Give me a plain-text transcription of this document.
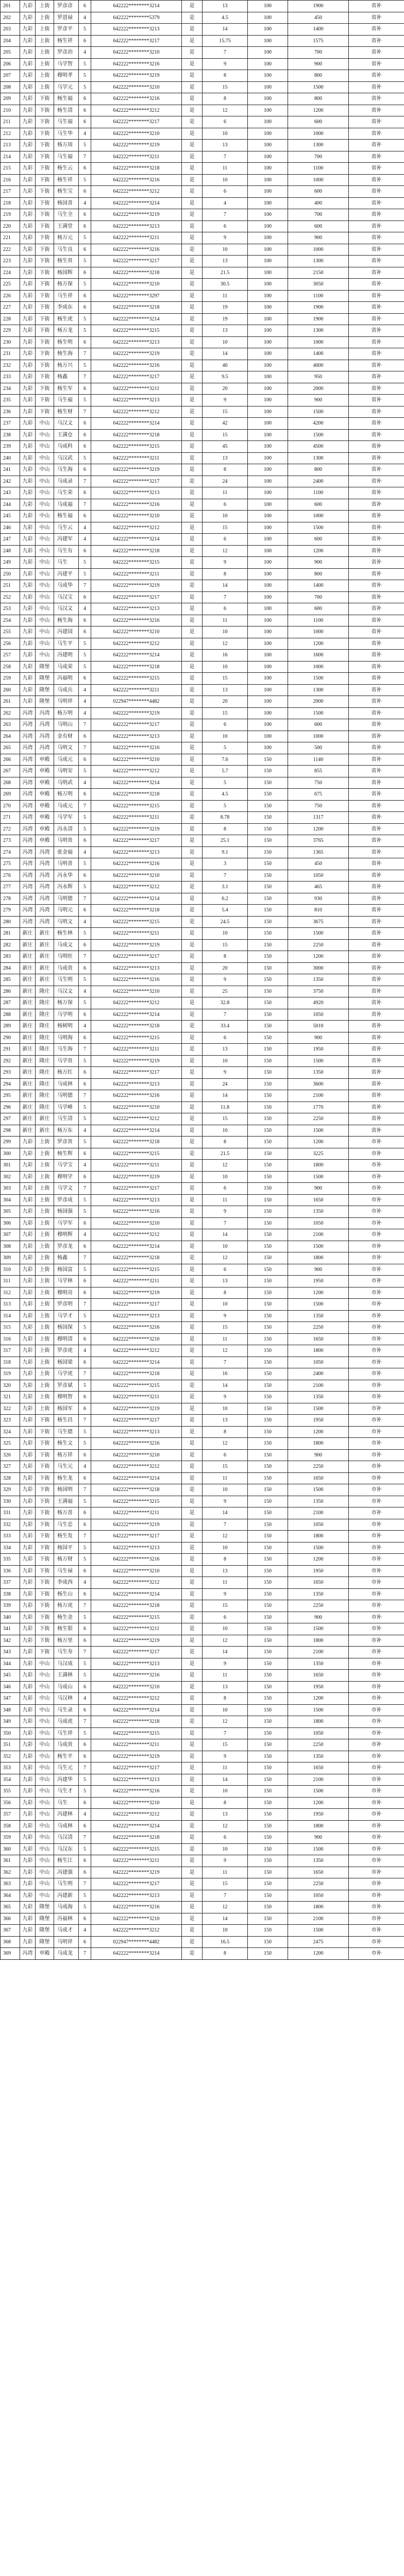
201	九彩	上街	罗彦彦	6	642222********3214	是	13	100	1900	省补
202	九彩	上街	罗进禄	4	642222********5379	是	4.5	100	450	省补
203	九彩	上街	罗彦平	5	642222********3213	是	14	100	1400	省补
204	九彩	上街	杨生祥	6	642222********3217	是	15.75	100	1575	省补
205	九彩	上街	罗彦治	4	642222********3210	是	7	100	700	省补
206	九彩	上街	马学智	5	642222********3216	是	9	100	900	省补
207	九彩	上街	穆明孝	5	642222********3219	是	8	100	800	省补
208	九彩	上街	马学元	5	642222********3210	是	15	100	1500	省补
209	九彩	下街	杨生福	6	642222********3216	是	8	100	800	省补
210	九彩	下街	杨生清	6	642222********3212	是	12	100	1200	省补
211	九彩	下街	马生福	6	642222********3217	是	6	100	600	省补
212	九彩	下街	马生华	4	642222********3210	是	10	100	1000	省补
213	九彩	下街	杨万周	5	642222********3219	是	13	100	1300	省补
214	九彩	下街	马生福	7	642222********3211	是	7	100	700	省补
215	九彩	下街	杨生云	6	642222********3218	是	11	100	1100	省补
216	九彩	下街	杨生祥	5	642222********3216	是	10	100	1000	省补
217	九彩	下街	杨生宝	6	642222********3212	是	6	100	600	省补
218	九彩	下街	杨国喜	4	642222********3214	是	4	100	400	省补
219	九彩	下街	马生全	6	642222********3219	是	7	100	700	省补
220	九彩	下街	王满堂	6	642222********3213	是	6	100	600	省补
221	九彩	下街	杨万元	5	642222********3211	是	9	100	900	省补
222	九彩	下街	马生良	6	642222********3216	是	10	100	1000	省补
223	九彩	下街	杨生贵	5	642222********3217	是	13	100	1300	省补
224	九彩	下街	杨国辉	6	642222********3218	是	21.5	100	2150	省补
225	九彩	下街	杨万保	5	642222********3210	是	30.5	100	3050	省补
226	九彩	下街	马生祥	6	642222********3297	是	11	100	1100	省补
227	九彩	下街	李成东	6	642222********3218	是	19	100	1900	省补
228	九彩	下街	杨生虎	5	642222********3214	是	19	100	1900	省补
229	九彩	下街	杨万龙	5	642222********3215	是	13	100	1300	省补
230	九彩	下街	杨生明	6	642222********3213	是	10	100	1000	省补
231	九彩	下街	杨生海	7	642222********3219	是	14	100	1400	省补
232	九彩	下街	杨万兴	5	642222********3216	是	40	100	4000	省补
233	九彩	下街	杨鑫	7	642222********3217	是	9.5	100	950	省补
234	九彩	下街	杨生军	6	642222********3211	是	20	100	2000	省补
235	九彩	下街	马生福	5	642222********3213	是	9	100	900	省补
236	九彩	下街	杨生财	7	642222********3212	是	15	100	1500	省补
237	九彩	中山	马汉文	6	642222********3214	是	42	100	4200	省补
238	九彩	中山	王满仓	6	642222********3218	是	15	100	1500	省补
239	九彩	中山	马成科	6	642222********3215	是	45	100	4500	省补
240	九彩	中山	马汉武	5	642222********3211	是	13	100	1300	省补
241	九彩	中山	马生海	6	642222********3219	是	8	100	800	省补
242	九彩	中山	马成录	7	642222********3217	是	24	100	2400	省补
243	九彩	中山	马生荣	6	642222********3213	是	11	100	1100	省补
244	九彩	中山	马成福	7	642222********3216	是	6	100	600	省补
245	九彩	中山	杨生福	6	642222********3210	是	10	100	1000	省补
246	九彩	中山	马生云	4	642222********3212	是	15	100	1500	省补
247	九彩	中山	冯建军	4	642222********3214	是	6	100	600	省补
248	九彩	中山	马生有	6	642222********3218	是	12	100	1200	省补
249	九彩	中山	马生	5	642222********3215	是	9	100	900	省补
250	九彩	中山	冯建平	5	642222********3211	是	8	100	800	省补
251	九彩	中山	马成华	7	642222********3219	是	14	100	1400	省补
252	九彩	中山	马汉宝	6	642222********3217	是	7	100	700	省补
253	九彩	中山	马汉文	4	642222********3213	是	6	100	600	省补
254	九彩	中山	杨生海	6	642222********3216	是	11	100	1100	省补
255	九彩	中山	冯建国	6	642222********3210	是	10	100	1000	省补
256	九彩	中山	马生平	5	642222********3212	是	12	100	1200	省补
257	九彩	中山	冯建明	5	642222********3214	是	16	100	1600	省补
258	九彩	隆堡	马成荣	5	642222********3218	是	10	100	1000	省补
259	九彩	隆堡	冯福明	6	642222********3215	是	15	100	1500	省补
260	九彩	隆堡	马成兵	4	642222********3211	是	13	100	1300	省补
261	九彩	隆堡	马明祥	4	022947********4482	是	20	100	2000	省补
262	冯湾	冯湾	杨万明	4	642222********3219	是	15	100	1500	省补
263	冯湾	冯湾	马明山	7	642222********3217	是	6	100	600	省补
264	冯湾	冯湾	金有财	6	642222********3213	是	10	100	1000	省补
265	冯湾	冯湾	马明文	7	642222********3216	是	5	100	500	省补
266	冯湾	申殿	马成元	6	642222********3210	是	7.6	150	1140	省补
267	冯湾	申殿	马明安	5	642222********3212	是	5.7	150	855	省补
268	冯湾	申殿	马明武	4	642222********3214	是	5	150	750	省补
269	冯湾	申殿	杨万明	6	642222********3218	是	4.5	150	675	省补
270	冯湾	申殿	马成元	7	642222********3215	是	5	150	750	省补
271	冯湾	申殿	马学军	5	642222********3211	是	8.78	150	1317	省补
272	冯湾	申殿	冯永清	5	642222********3219	是	8	150	1200	省补
273	冯湾	申殿	马明贵	6	642222********3217	是	25.1	150	3765	省补
274	冯湾	冯湾	张金福	4	642222********3213	是	9.1	150	1365	省补
275	冯湾	冯湾	马明喜	5	642222********3216	是	3	150	450	省补
276	冯湾	冯湾	冯永华	6	642222********3210	是	7	150	1050	省补
277	冯湾	冯湾	冯永辉	5	642222********3212	是	3.1	150	465	省补
278	冯湾	冯湾	马明德	7	642222********3214	是	6.2	150	930	省补
279	冯湾	冯湾	马明元	6	642222********3218	是	5.4	150	810	省补
280	冯湾	冯湾	马明文	4	642222********3215	是	24.5	150	3675	省补
281	新庄	新庄	杨生林	5	642222********3211	是	10	150	1500	省补
282	新庄	新庄	马成文	6	642222********3219	是	15	150	2250	省补
283	新庄	新庄	马明旺	7	642222********3217	是	8	150	1200	省补
284	新庄	新庄	马成贵	6	642222********3213	是	20	150	3000	省补
285	新庄	新庄	马生明	5	642222********3216	是	9	150	1350	省补
286	新庄	隆庄	马汉文	4	642222********3210	是	25	150	3750	省补
287	新庄	隆庄	杨万保	5	642222********3212	是	32.8	150	4920	省补
288	新庄	隆庄	马学明	6	642222********3214	是	7	150	1050	省补
289	新庄	隆庄	杨树明	4	642222********3218	是	33.4	150	5010	省补
290	新庄	隆庄	马明海	6	642222********3215	是	6	150	900	省补
291	新庄	隆庄	马生海	7	642222********3211	是	13	150	1950	省补
292	新庄	隆庄	马学贵	5	642222********3219	是	10	150	1500	省补
293	新庄	隆庄	杨万红	6	642222********3217	是	9	150	1350	省补
294	新庄	隆庄	马成林	6	642222********3213	是	24	150	3600	省补
295	新庄	隆庄	马明德	7	642222********3216	是	14	150	2100	省补
296	新庄	隆庄	马学峰	5	642222********3210	是	11.8	150	1770	省补
297	新庄	新庄	马生清	5	642222********3212	是	15	150	2250	省补
298	新庄	新庄	杨万东	4	642222********3214	是	10	150	1500	省补
299	九彩	上街	罗彦贵	5	642222********3218	是	8	150	1200	市补
300	九彩	上街	杨生辉	6	642222********3215	是	21.5	150	3225	市补
301	九彩	上街	马学宝	4	642222********3211	是	12	150	1800	市补
302	九彩	上街	穆明学	6	642222********3219	是	10	150	1500	市补
303	九彩	上街	马学文	7	642222********3217	是	6	150	900	市补
304	九彩	上街	罗彦成	5	642222********3213	是	11	150	1650	市补
305	九彩	上街	杨国强	5	642222********3216	是	9	150	1350	市补
306	九彩	上街	马学军	6	642222********3210	是	7	150	1050	市补
307	九彩	上街	穆明辉	4	642222********3212	是	14	150	2100	市补
308	九彩	上街	罗彦龙	6	642222********3214	是	10	150	1500	市补
309	九彩	上街	杨鑫	7	642222********3218	是	12	150	1800	市补
310	九彩	上街	杨国富	5	642222********3215	是	6	150	900	市补
311	九彩	上街	马学林	6	642222********3211	是	13	150	1950	市补
312	九彩	上街	穆明亮	6	642222********3219	是	8	150	1200	市补
313	九彩	上街	罗彦明	7	642222********3217	是	10	150	1500	市补
314	九彩	上街	马学才	5	642222********3213	是	9	150	1350	市补
315	九彩	上街	杨国保	5	642222********3216	是	15	150	2250	市补
316	九彩	上街	穆明清	6	642222********3210	是	11	150	1650	市补
317	九彩	上街	罗彦虎	4	642222********3212	是	12	150	1800	市补
318	九彩	上街	杨国梁	6	642222********3214	是	7	150	1050	市补
319	九彩	上街	马学虎	7	642222********3218	是	16	150	2400	市补
320	九彩	上街	罗彦斌	5	642222********3215	是	14	150	2100	市补
321	九彩	上街	穆明智	6	642222********3211	是	9	150	1350	市补
322	九彩	上街	杨国军	6	642222********3219	是	10	150	1500	市补
323	九彩	下街	杨生昌	7	642222********3217	是	13	150	1950	市补
324	九彩	下街	马生德	5	642222********3213	是	8	150	1200	市补
325	九彩	下街	杨生文	5	642222********3216	是	12	150	1800	市补
326	九彩	下街	杨万祥	6	642222********3210	是	6	150	900	市补
327	九彩	下街	马生元	4	642222********3212	是	15	150	2250	市补
328	九彩	下街	杨生龙	6	642222********3214	是	11	150	1650	市补
329	九彩	下街	杨国明	7	642222********3218	是	10	150	1500	市补
330	九彩	下街	王满福	5	642222********3215	是	9	150	1350	市补
331	九彩	下街	杨万喜	6	642222********3211	是	14	150	2100	市补
332	九彩	下街	马生忠	6	642222********3219	是	7	150	1050	市补
333	九彩	下街	杨生发	7	642222********3217	是	12	150	1800	市补
334	九彩	下街	杨国平	5	642222********3213	是	10	150	1500	市补
335	九彩	下街	杨万财	5	642222********3216	是	8	150	1200	市补
336	九彩	下街	马生禄	6	642222********3210	是	13	150	1950	市补
337	九彩	下街	李成西	4	642222********3212	是	11	150	1650	市补
338	九彩	下街	杨生山	6	642222********3214	是	9	150	1350	市补
339	九彩	下街	杨万虎	7	642222********3218	是	15	150	2250	市补
340	九彩	下街	杨生金	5	642222********3215	是	6	150	900	市补
341	九彩	下街	杨生银	6	642222********3211	是	10	150	1500	市补
342	九彩	下街	杨万里	6	642222********3219	是	12	150	1800	市补
343	九彩	下街	马生寿	7	642222********3217	是	14	150	2100	市补
344	九彩	中山	马汉成	5	642222********3213	是	9	150	1350	市补
345	九彩	中山	王满林	5	642222********3216	是	11	150	1650	市补
346	九彩	中山	马成山	6	642222********3210	是	13	150	1950	市补
347	九彩	中山	马汉林	4	642222********3212	是	8	150	1200	市补
348	九彩	中山	马生录	6	642222********3214	是	10	150	1500	市补
349	九彩	中山	马成虎	7	642222********3218	是	12	150	1800	市补
350	九彩	中山	马生祥	5	642222********3215	是	7	150	1050	市补
351	九彩	中山	马成贵	6	642222********3211	是	15	150	2250	市补
352	九彩	中山	杨生平	6	642222********3219	是	9	150	1350	市补
353	九彩	中山	马生元	7	642222********3217	是	11	150	1650	市补
354	九彩	中山	冯建华	5	642222********3213	是	14	150	2100	市补
355	九彩	中山	马生才	5	642222********3216	是	10	150	1500	市补
356	九彩	中山	马生	6	642222********3210	是	8	150	1200	市补
357	九彩	中山	冯建林	4	642222********3212	是	13	150	1950	市补
358	九彩	中山	马成林	6	642222********3214	是	12	150	1800	市补
359	九彩	中山	马汉清	7	642222********3218	是	6	150	900	市补
360	九彩	中山	马汉东	5	642222********3215	是	10	150	1500	市补
361	九彩	中山	杨生江	6	642222********3211	是	9	150	1350	市补
362	九彩	中山	冯建强	6	642222********3219	是	11	150	1650	市补
363	九彩	中山	马生明	7	642222********3217	是	15	150	2250	市补
364	九彩	中山	冯建新	5	642222********3213	是	7	150	1050	市补
365	九彩	隆堡	马成海	5	642222********3216	是	12	150	1800	市补
366	九彩	隆堡	冯福林	6	642222********3210	是	14	150	2100	市补
367	九彩	隆堡	马成才	4	642222********3212	是	10	150	1500	市补
368	九彩	隆堡	马明祥	6	022947********4482	是	16.5	150	2475	市补
369	冯湾	申殿	马成龙	7	642222********3214	是	8	150	1200	市补
